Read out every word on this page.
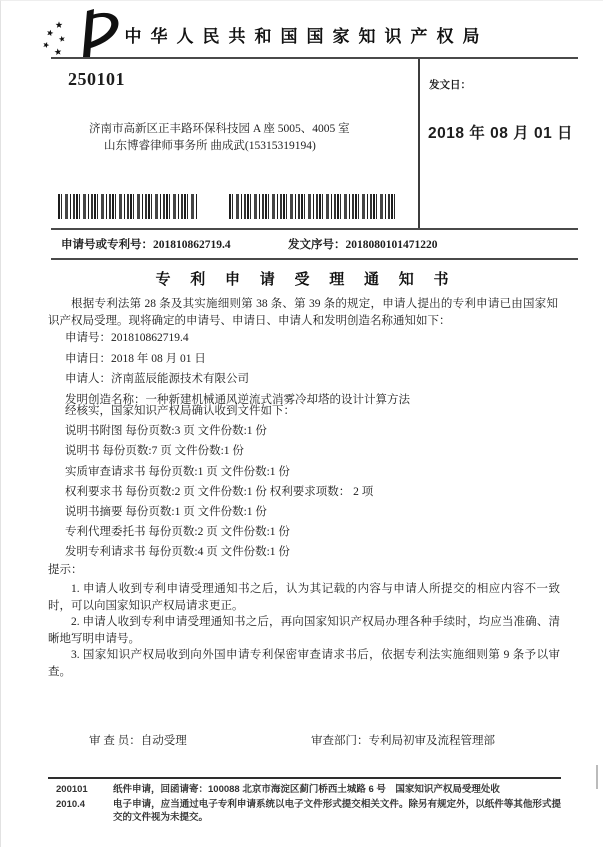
中华人民共和国国家知识产权局
250101
济南市高新区正丰路环保科技园 A 座 5005、4005 室
山东博睿律师事务所 曲成武(15315319194)
发文日：
2018 年 08 月 01 日
申请号或专利号：201810862719.4	发文序号：2018080101471220
专 利 申 请 受 理 通 知 书
根据专利法第 28 条及其实施细则第 38 条、第 39 条的规定，申请人提出的专利申请已由国家知识产权局受理。现将确定的申请号、申请日、申请人和发明创造名称通知如下：
申请号：201810862719.4
申请日：2018 年 08 月 01 日
申请人：济南蓝辰能源技术有限公司
发明创造名称：一种新建机械通风逆流式消雾冷却塔的设计计算方法
经核实，国家知识产权局确认收到文件如下：
说明书附图 每份页数:3 页 文件份数:1 份
说明书 每份页数:7 页 文件份数:1 份
实质审查请求书 每份页数:1 页 文件份数:1 份
权利要求书 每份页数:2 页 文件份数:1 份 权利要求项数： 2 项
说明书摘要 每份页数:1 页 文件份数:1 份
专利代理委托书 每份页数:2 页 文件份数:1 份
发明专利请求书 每份页数:4 页 文件份数:1 份
提示：
1. 申请人收到专利申请受理通知书之后，认为其记载的内容与申请人所提交的相应内容不一致时，可以向国家知识产权局请求更正。
2. 申请人收到专利申请受理通知书之后，再向国家知识产权局办理各种手续时，均应当准确、清晰地写明申请号。
3. 国家知识产权局收到向外国申请专利保密审查请求书后，依据专利法实施细则第 9 条予以审查。
审 查 员：自动受理	审查部门：专利局初审及流程管理部
200101
2010.4
纸件申请，回函请寄：100088 北京市海淀区蓟门桥西土城路 6 号　国家知识产权局受理处收
电子申请，应当通过电子专利申请系统以电子文件形式提交相关文件。除另有规定外，以纸件等其他形式提交的文件视为未提交。
